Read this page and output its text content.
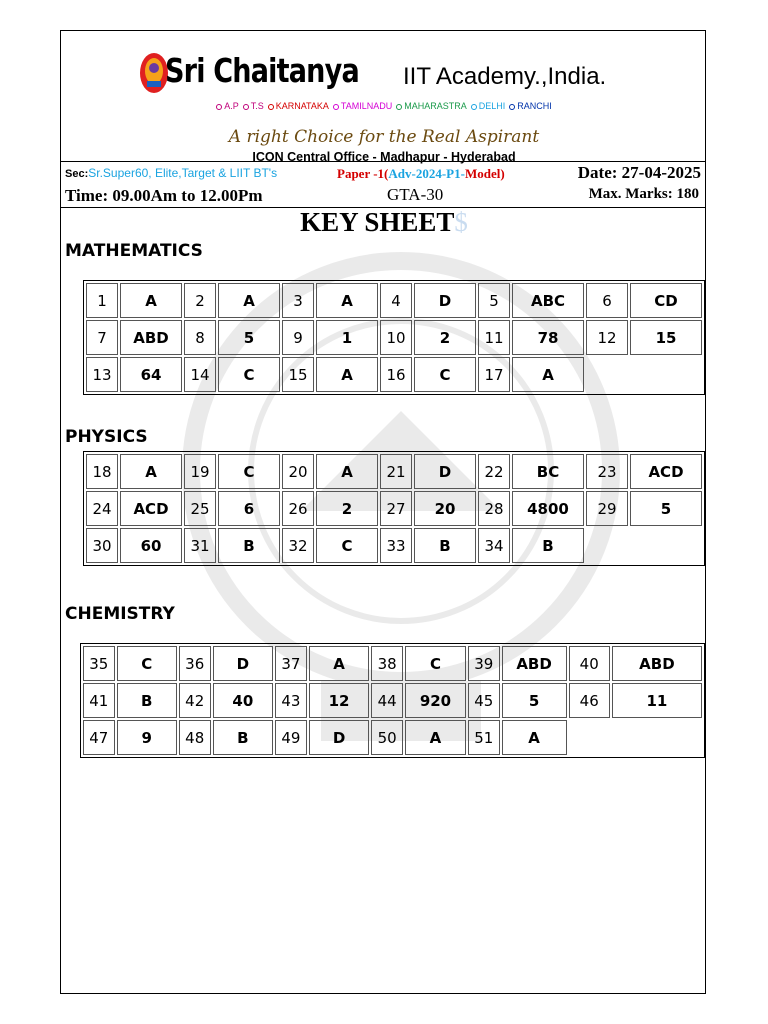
Sri Chaitanya IIT Academy.,India.
A.P T.S KARNATAKA TAMILNADU MAHARASTRA DELHI RANCHI
A right Choice for the Real Aspirant
ICON Central Office - Madhapur - Hyderabad
Sec:Sr.Super60, Elite,Target & LIIT BT's	Paper -1(Adv-2024-P1-Model)	Date: 27-04-2025
Time: 09.00Am to 12.00Pm	GTA-30	Max. Marks: 180
KEY SHEET$
1	A	2	A	3	A	4	D	5	ABC	6	CD
7	ABD	8	5	9	1	10	2	11	78	12	15
13	64	14	C	15	A	16	C	17	A		
18	A	19	C	20	A	21	D	22	BC	23	ACD
24	ACD	25	6	26	2	27	20	28	4800	29	5
30	60	31	B	32	C	33	B	34	B		
35	C	36	D	37	A	38	C	39	ABD	40	ABD
41	B	42	40	43	12	44	920	45	5	46	11
47	9	48	B	49	D	50	A	51	A		
MATHEMATICS
PHYSICS
CHEMISTRY
